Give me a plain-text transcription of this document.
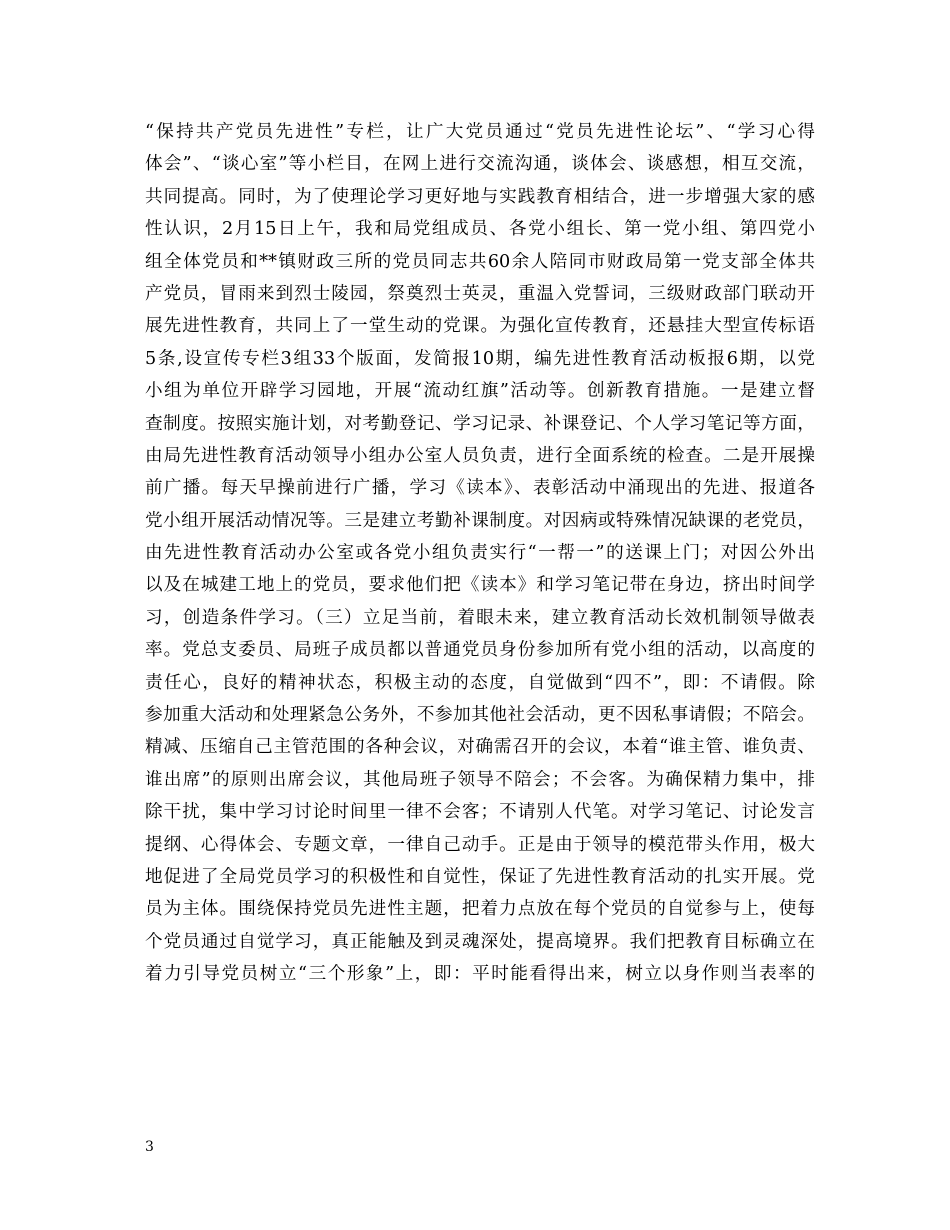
“保持共产党员先进性”专栏，让广大党员通过“党员先进性论坛”、“学习心得
体会”、“谈心室”等小栏目，在网上进行交流沟通，谈体会、谈感想，相互交流，
共同提高。同时，为了使理论学习更好地与实践教育相结合，进一步增强大家的感
性认识，2月15日上午，我和局党组成员、各党小组长、第一党小组、第四党小
组全体党员和**镇财政三所的党员同志共60余人陪同市财政局第一党支部全体共
产党员，冒雨来到烈士陵园，祭奠烈士英灵，重温入党誓词，三级财政部门联动开
展先进性教育，共同上了一堂生动的党课。为强化宣传教育，还悬挂大型宣传标语
5条,设宣传专栏3组33个版面，发简报10期，编先进性教育活动板报6期，以党
小组为单位开辟学习园地，开展“流动红旗”活动等。创新教育措施。一是建立督
查制度。按照实施计划，对考勤登记、学习记录、补课登记、个人学习笔记等方面，
由局先进性教育活动领导小组办公室人员负责，进行全面系统的检查。二是开展操
前广播。每天早操前进行广播，学习《读本》、表彰活动中涌现出的先进、报道各
党小组开展活动情况等。三是建立考勤补课制度。对因病或特殊情况缺课的老党员，
由先进性教育活动办公室或各党小组负责实行“一帮一”的送课上门；对因公外出
以及在城建工地上的党员，要求他们把《读本》和学习笔记带在身边，挤出时间学
习，创造条件学习。（三）立足当前，着眼未来，建立教育活动长效机制领导做表
率。党总支委员、局班子成员都以普通党员身份参加所有党小组的活动，以高度的
责任心，良好的精神状态，积极主动的态度，自觉做到“四不”，即：不请假。除
参加重大活动和处理紧急公务外，不参加其他社会活动，更不因私事请假；不陪会。
精减、压缩自己主管范围的各种会议，对确需召开的会议，本着“谁主管、谁负责、
谁出席”的原则出席会议，其他局班子领导不陪会；不会客。为确保精力集中，排
除干扰，集中学习讨论时间里一律不会客；不请别人代笔。对学习笔记、讨论发言
提纲、心得体会、专题文章，一律自己动手。正是由于领导的模范带头作用，极大
地促进了全局党员学习的积极性和自觉性，保证了先进性教育活动的扎实开展。党
员为主体。围绕保持党员先进性主题，把着力点放在每个党员的自觉参与上，使每
个党员通过自觉学习，真正能触及到灵魂深处，提高境界。我们把教育目标确立在
着力引导党员树立“三个形象”上，即：平时能看得出来，树立以身作则当表率的
3
